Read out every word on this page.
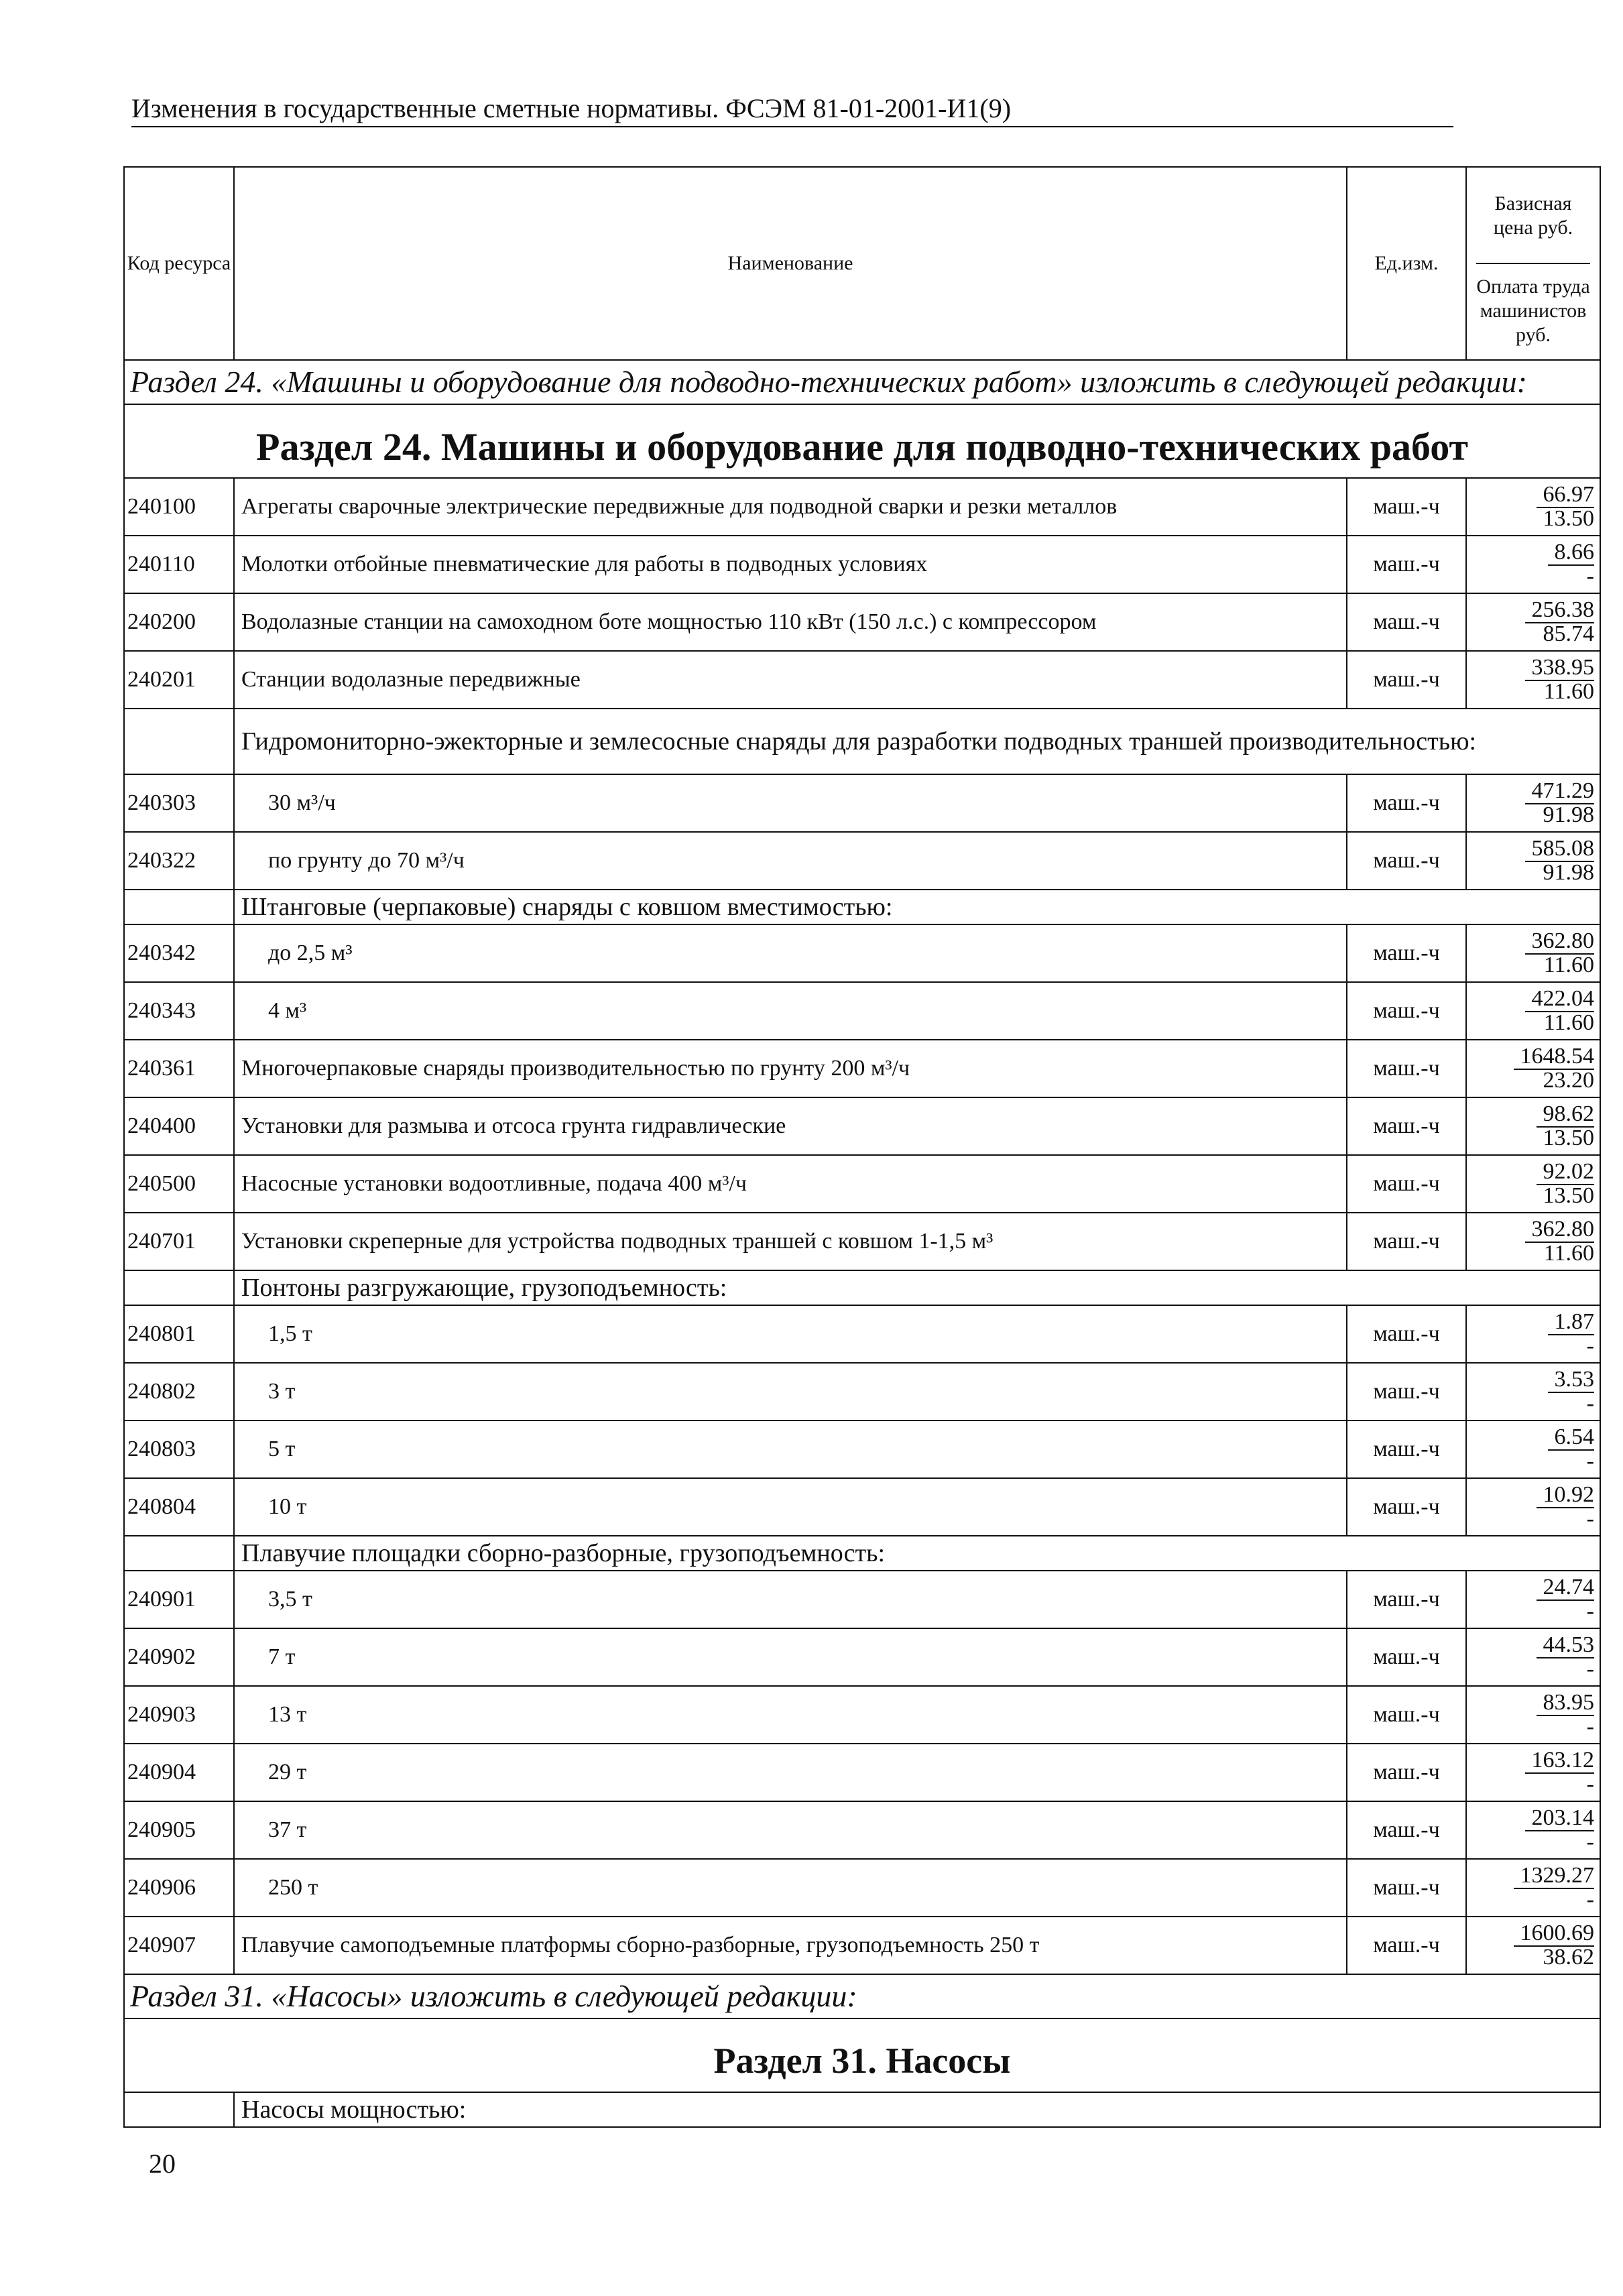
Изменения в государственные сметные нормативы. ФСЭМ 81-01-2001-И1(9)
Код ресурса	Наименование	Ед.изм.	Базисная цена руб.
Оплата труда машинистов руб.

Раздел 24. «Машины и оборудование для подводно-технических работ» изложить в следующей редакции:			
Раздел 24. Машины и оборудование для подводно-технических работ			
240100	Агрегаты сварочные электрические передвижные для подводной сварки и резки металлов	маш.-ч	66.97
13.50

240110	Молотки отбойные пневматические для работы в подводных условиях	маш.-ч	8.66
-

240200	Водолазные станции на самоходном боте мощностью 110 кВт (150 л.с.) с компрессором	маш.-ч	256.38
85.74

240201	Станции водолазные передвижные	маш.-ч	338.95
11.60

	Гидромониторно-эжекторные и землесосные снаряды для разработки подводных траншей производительностью:		
240303	30 м³/ч	маш.-ч	471.29
91.98

240322	по грунту до 70 м³/ч	маш.-ч	585.08
91.98

	Штанговые (черпаковые) снаряды с ковшом вместимостью:		
240342	до 2,5 м³	маш.-ч	362.80
11.60

240343	4 м³	маш.-ч	422.04
11.60

240361	Многочерпаковые снаряды производительностью по грунту 200 м³/ч	маш.-ч	1648.54
23.20

240400	Установки для размыва и отсоса грунта гидравлические	маш.-ч	98.62
13.50

240500	Насосные установки водоотливные, подача 400 м³/ч	маш.-ч	92.02
13.50

240701	Установки скреперные для устройства подводных траншей с ковшом 1-1,5 м³	маш.-ч	362.80
11.60

	Понтоны разгружающие, грузоподъемность:		
240801	1,5 т	маш.-ч	1.87
-

240802	3 т	маш.-ч	3.53
-

240803	5 т	маш.-ч	6.54
-

240804	10 т	маш.-ч	10.92
-

	Плавучие площадки сборно-разборные, грузоподъемность:		
240901	3,5 т	маш.-ч	24.74
-

240902	7 т	маш.-ч	44.53
-

240903	13 т	маш.-ч	83.95
-

240904	29 т	маш.-ч	163.12
-

240905	37 т	маш.-ч	203.14
-

240906	250 т	маш.-ч	1329.27
-

240907	Плавучие самоподъемные платформы сборно-разборные, грузоподъемность 250 т	маш.-ч	1600.69
38.62

Раздел 31. «Насосы» изложить в следующей редакции:			
Раздел 31. Насосы			
	Насосы мощностью:		
20
